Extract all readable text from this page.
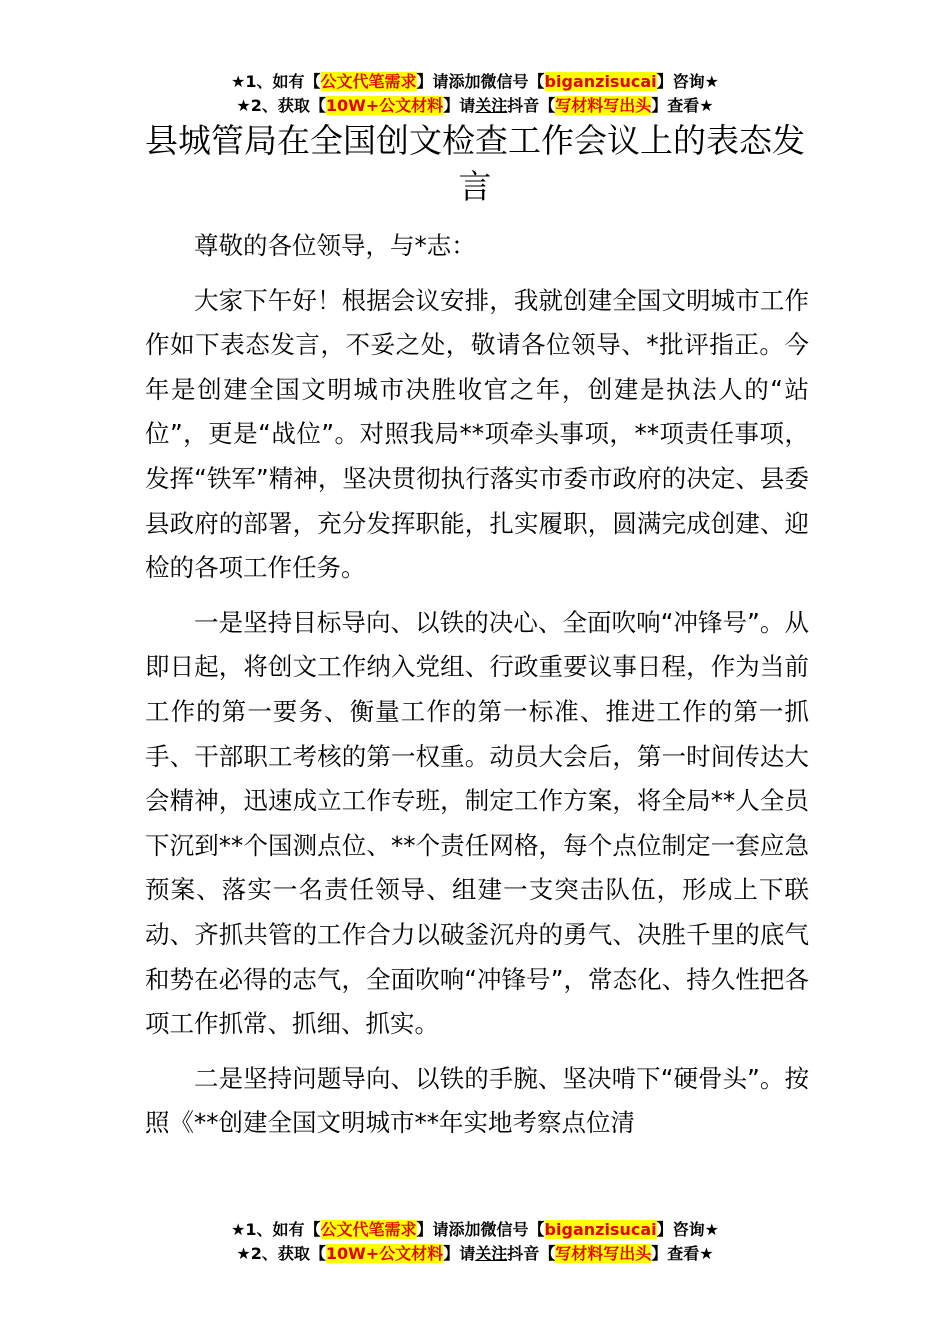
★1、如有【公文代笔需求】请添加微信号【biganzisucai】咨询★
★2、获取【10W+公文材料】请关注抖音【写材料写出头】查看★
县城管局在全国创文检查工作会议上的表态发言

尊敬的各位领导，与*志：

大家下午好！根据会议安排，我就创建全国文明城市工作作如下表态发言，不妥之处，敬请各位领导、*批评指正。今年是创建全国文明城市决胜收官之年，创建是执法人的“站位”，更是“战位”。对照我局**项牵头事项，**项责任事项，发挥“铁军”精神，坚决贯彻执行落实市委市政府的决定、县委县政府的部署，充分发挥职能，扎实履职，圆满完成创建、迎检的各项工作任务。

一是坚持目标导向、以铁的决心、全面吹响“冲锋号”。从即日起，将创文工作纳入党组、行政重要议事日程，作为当前工作的第一要务、衡量工作的第一标准、推进工作的第一抓手、干部职工考核的第一权重。动员大会后，第一时间传达大会精神，迅速成立工作专班，制定工作方案，将全局**人全员下沉到**个国测点位、**个责任网格，每个点位制定一套应急预案、落实一名责任领导、组建一支突击队伍，形成上下联动、齐抓共管的工作合力以破釜沉舟的勇气、决胜千里的底气和势在必得的志气，全面吹响“冲锋号”，常态化、持久性把各项工作抓常、抓细、抓实。

二是坚持问题导向、以铁的手腕、坚决啃下“硬骨头”。按照《**创建全国文明城市**年实地考察点位清

★1、如有【公文代笔需求】请添加微信号【biganzisucai】咨询★
★2、获取【10W+公文材料】请关注抖音【写材料写出头】查看★
